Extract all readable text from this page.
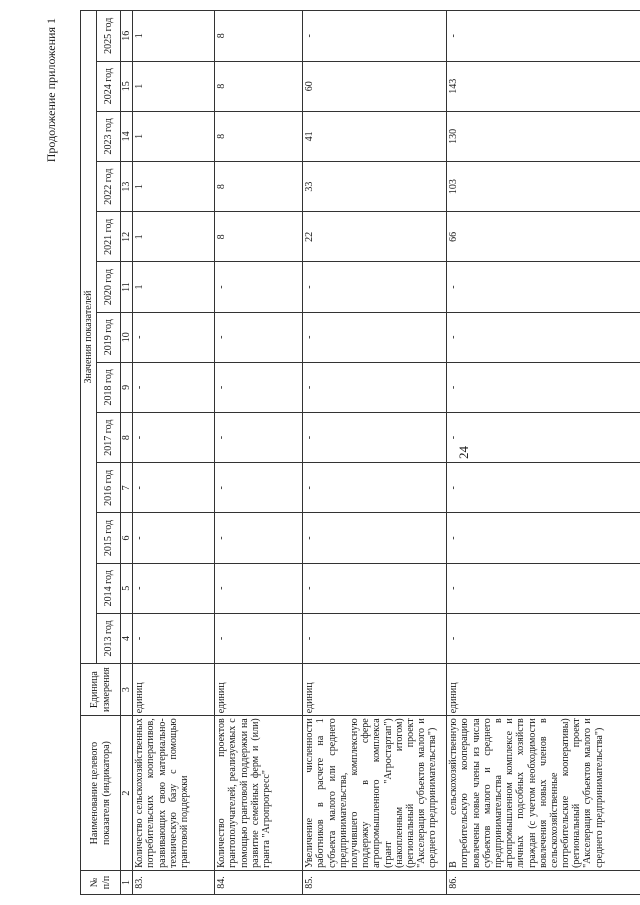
24
Продолжение приложения 1
№ п/п	Наименование целевого показателя (индикатора)	Единица измерения	Значения показателей												
			2013 год	2014 год	2015 год	2016 год	2017 год	2018 год	2019 год	2020 год	2021 год	2022 год	2023 год	2024 год	2025 год
1	2	3	4	5	6	7	8	9	10	11	12	13	14	15	16
83.	Количество сельскохозяйственных потребительских кооперативов, развивающих свою материально-техническую базу с помощью грантовой поддержки	единиц	-	-	-	-	-	-	-	1	1	1	1	1	1
84.	Количество проектов грантополучателей, реализуемых с помощью грантовой поддержки на развитие семейных ферм и (или) гранта "Агропрогресс"	единиц	-	-	-	-	-	-	-	-	8	8	8	8	8
85.	Увеличение численности работников в расчете на 1 субъекта малого или среднего предпринимательства, получившего комплексную поддержку в сфере агропромышленного комплекса (грант "Агростартап") (накопленным итогом) (региональный проект "Акселерация субъектов малого и среднего предпринимательства")	единиц	-	-	-	-	-	-	-	-	22	33	41	60	-
86.	В сельскохозяйственную потребительскую кооперацию вовлечены новые члены из числа субъектов малого и среднего предпринимательства в агропромышленном комплексе и личных подсобных хозяйств граждан (с учетом необходимости вовлечения новых членов в сельскохозяйственные потребительские кооперативы) (региональный проект "Акселерация субъектов малого и среднего предпринимательства")	единиц	-	-	-	-	-	-	-	-	66	103	130	143	-
